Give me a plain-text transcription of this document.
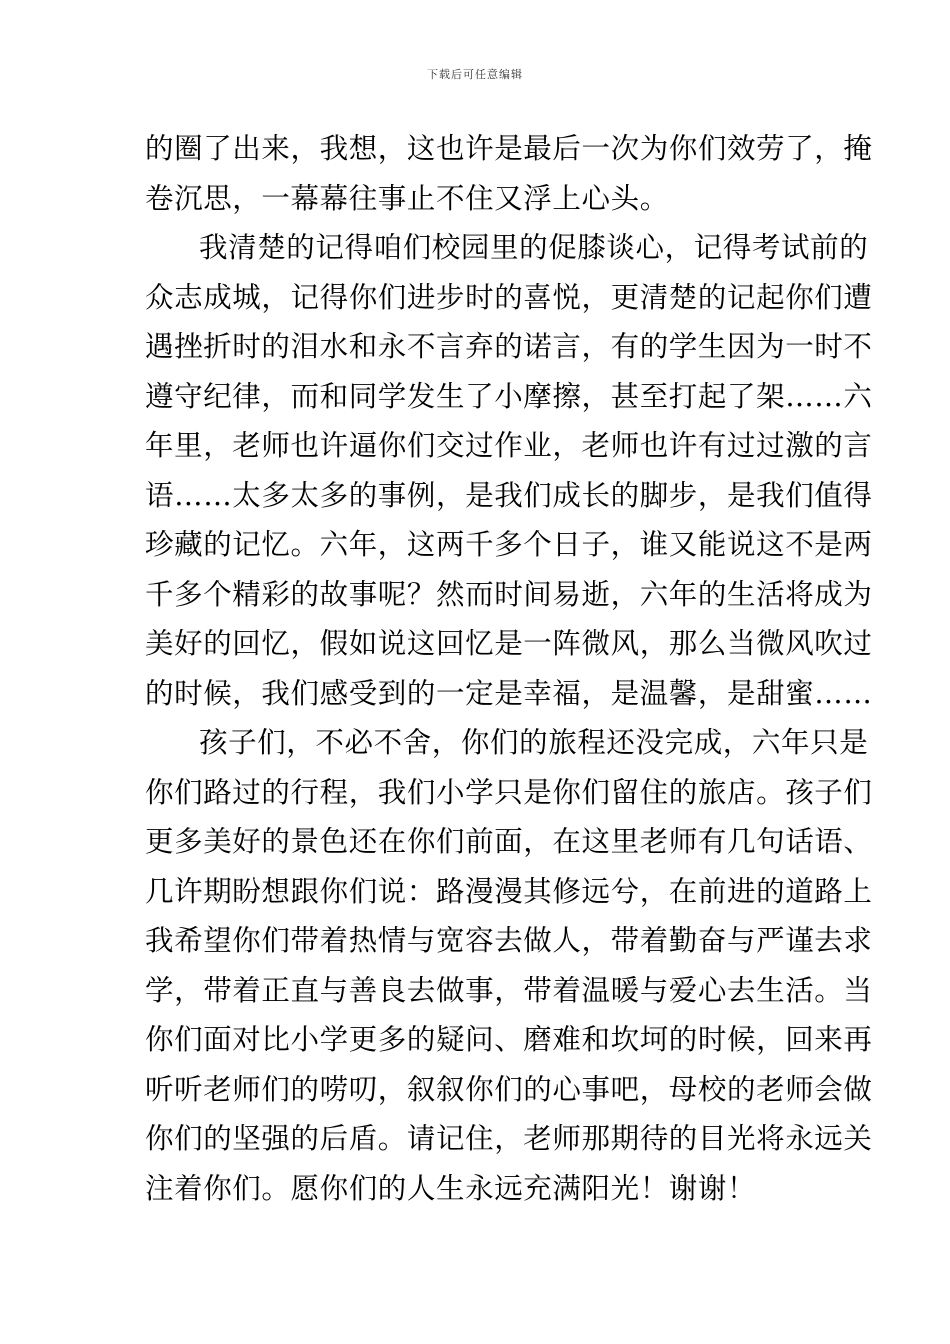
下载后可任意编辑
的圈了出来，我想，这也许是最后一次为你们效劳了，掩
卷沉思，一幕幕往事止不住又浮上心头。
我清楚的记得咱们校园里的促膝谈心，记得考试前的
众志成城，记得你们进步时的喜悦，更清楚的记起你们遭
遇挫折时的泪水和永不言弃的诺言，有的学生因为一时不
遵守纪律，而和同学发生了小摩擦，甚至打起了架……六
年里，老师也许逼你们交过作业，老师也许有过过激的言
语……太多太多的事例，是我们成长的脚步，是我们值得
珍藏的记忆。六年，这两千多个日子，谁又能说这不是两
千多个精彩的故事呢？然而时间易逝，六年的生活将成为
美好的回忆，假如说这回忆是一阵微风，那么当微风吹过
的时候，我们感受到的一定是幸福，是温馨，是甜蜜……
孩子们，不必不舍，你们的旅程还没完成，六年只是
你们路过的行程，我们小学只是你们留住的旅店。孩子们
更多美好的景色还在你们前面，在这里老师有几句话语、
几许期盼想跟你们说：路漫漫其修远兮，在前进的道路上
我希望你们带着热情与宽容去做人，带着勤奋与严谨去求
学，带着正直与善良去做事，带着温暖与爱心去生活。当
你们面对比小学更多的疑问、磨难和坎坷的时候，回来再
听听老师们的唠叨，叙叙你们的心事吧，母校的老师会做
你们的坚强的后盾。请记住，老师那期待的目光将永远关
注着你们。愿你们的人生永远充满阳光！谢谢！
